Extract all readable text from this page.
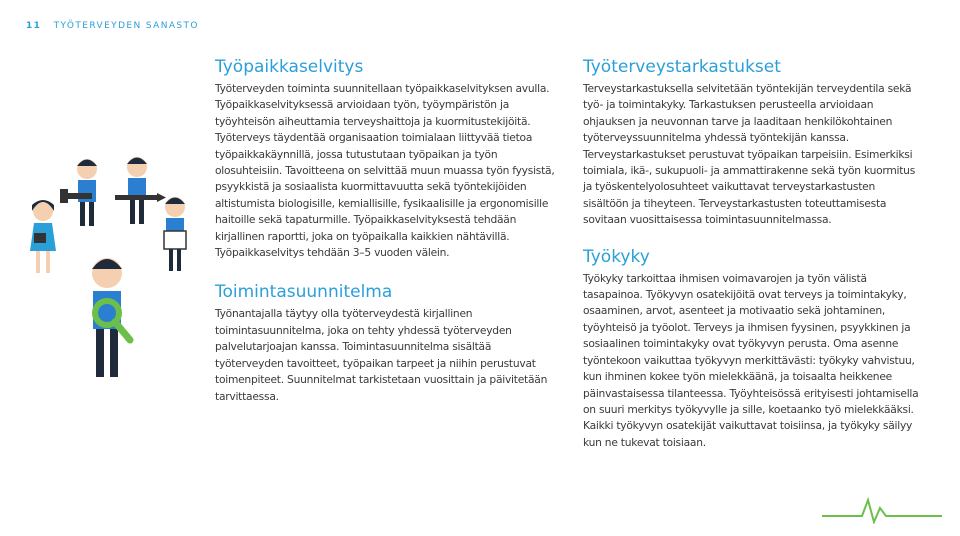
11 TYÖTERVEYDEN SANASTO
Työpaikkaselvitys

Työterveyden toiminta suunnitellaan työpaikkaselvityksen avulla. Työpaikkaselvityksessä arvioidaan työn, työympäristön ja työyhteisön aiheuttamia terveyshaittoja ja kuormitustekijöitä. Työterveys täydentää organisaation toimialaan liittyvää tietoa työpaikkakäynnillä, jossa tutustutaan työpaikan ja työn olosuhteisiin. Tavoitteena on selvittää muun muassa työn fyysistä, psyykkistä ja sosiaalista kuormittavuutta sekä työntekijöiden altistumista biologisille, kemiallisille, fysikaalisille ja ergonomisille haitoille sekä tapaturmille. Työpaikkaselvityksestä tehdään kirjallinen raportti, joka on työpaikalla kaikkien nähtävillä. Työpaikkaselvitys tehdään 3–5 vuoden välein.

Toimintasuunnitelma

Työnantajalla täytyy olla työterveydestä kirjallinen toimintasuunnitelma, joka on tehty yhdessä työterveyden palvelutarjoajan kanssa. Toimintasuunnitelma sisältää työterveyden tavoitteet, työpaikan tarpeet ja niihin perustuvat toimenpiteet. Suunnitelmat tarkistetaan vuosittain ja päivitetään tarvittaessa.

Työterveystarkastukset

Terveystarkastuksella selvitetään työntekijän terveydentila sekä työ- ja toimintakyky. Tarkastuksen perusteella arvioidaan ohjauksen ja neuvonnan tarve ja laaditaan henkilökohtainen työterveyssuunnitelma yhdessä työntekijän kanssa. Terveystarkastukset perustuvat työpaikan tarpeisiin. Esimerkiksi toimiala, ikä-, sukupuoli- ja ammattirakenne sekä työn kuormitus ja työskentelyolosuhteet vaikuttavat terveystarkastusten sisältöön ja tiheyteen. Terveystarkastusten toteuttamisesta sovitaan vuosittaisessa toimintasuunnitelmassa.

Työkyky

Työkyky tarkoittaa ihmisen voimavarojen ja työn välistä tasapainoa. Työkyvyn osatekijöitä ovat terveys ja toimintakyky, osaaminen, arvot, asenteet ja motivaatio sekä johtaminen, työyhteisö ja työolot. Terveys ja ihmisen fyysinen, psyykkinen ja sosiaalinen toimintakyky ovat työkyvyn perusta. Oma asenne työntekoon vaikuttaa työkyvyn merkittävästi: työkyky vahvistuu, kun ihminen kokee työn mielekkäänä, ja toisaalta heikkenee päinvastaisessa tilanteessa. Työyhteisössä erityisesti johtamisella on suuri merkitys työkyvylle ja sille, koetaanko työ mielekkääksi. Kaikki työkyvyn osatekijät vaikuttavat toisiinsa, ja työkyky säilyy kun ne tukevat toisiaan.
